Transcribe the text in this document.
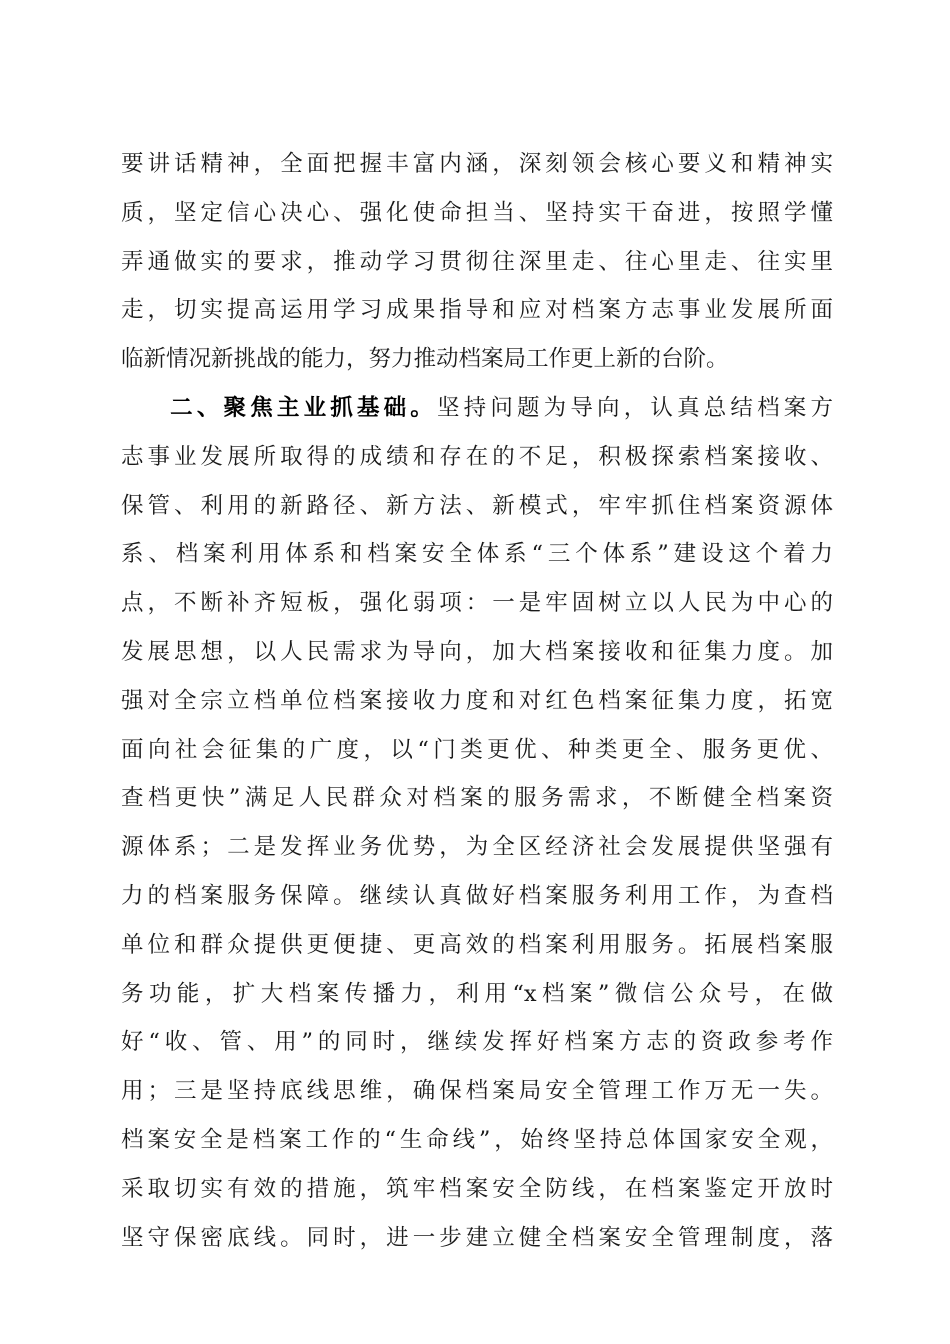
要讲话精神，全面把握丰富内涵，深刻领会核心要义和精神实
质，坚定信心决心、强化使命担当、坚持实干奋进，按照学懂
弄通做实的要求，推动学习贯彻往深里走、往心里走、往实里
走，切实提高运用学习成果指导和应对档案方志事业发展所面
临新情况新挑战的能力，努力推动档案局工作更上新的台阶。
二、聚焦主业抓基础。坚持问题为导向，认真总结档案方
志事业发展所取得的成绩和存在的不足，积极探索档案接收、
保管、利用的新路径、新方法、新模式，牢牢抓住档案资源体
系、档案利用体系和档案安全体系“三个体系”建设这个着力
点，不断补齐短板，强化弱项：一是牢固树立以人民为中心的
发展思想，以人民需求为导向，加大档案接收和征集力度。加
强对全宗立档单位档案接收力度和对红色档案征集力度，拓宽
面向社会征集的广度，以“门类更优、种类更全、服务更优、
查档更快”满足人民群众对档案的服务需求，不断健全档案资
源体系；二是发挥业务优势，为全区经济社会发展提供坚强有
力的档案服务保障。继续认真做好档案服务利用工作，为查档
单位和群众提供更便捷、更高效的档案利用服务。拓展档案服
务功能，扩大档案传播力，利用“x档案”微信公众号，在做
好“收、管、用”的同时，继续发挥好档案方志的资政参考作
用；三是坚持底线思维，确保档案局安全管理工作万无一失。
档案安全是档案工作的“生命线”，始终坚持总体国家安全观，
采取切实有效的措施，筑牢档案安全防线，在档案鉴定开放时
坚守保密底线。同时，进一步建立健全档案安全管理制度，落
